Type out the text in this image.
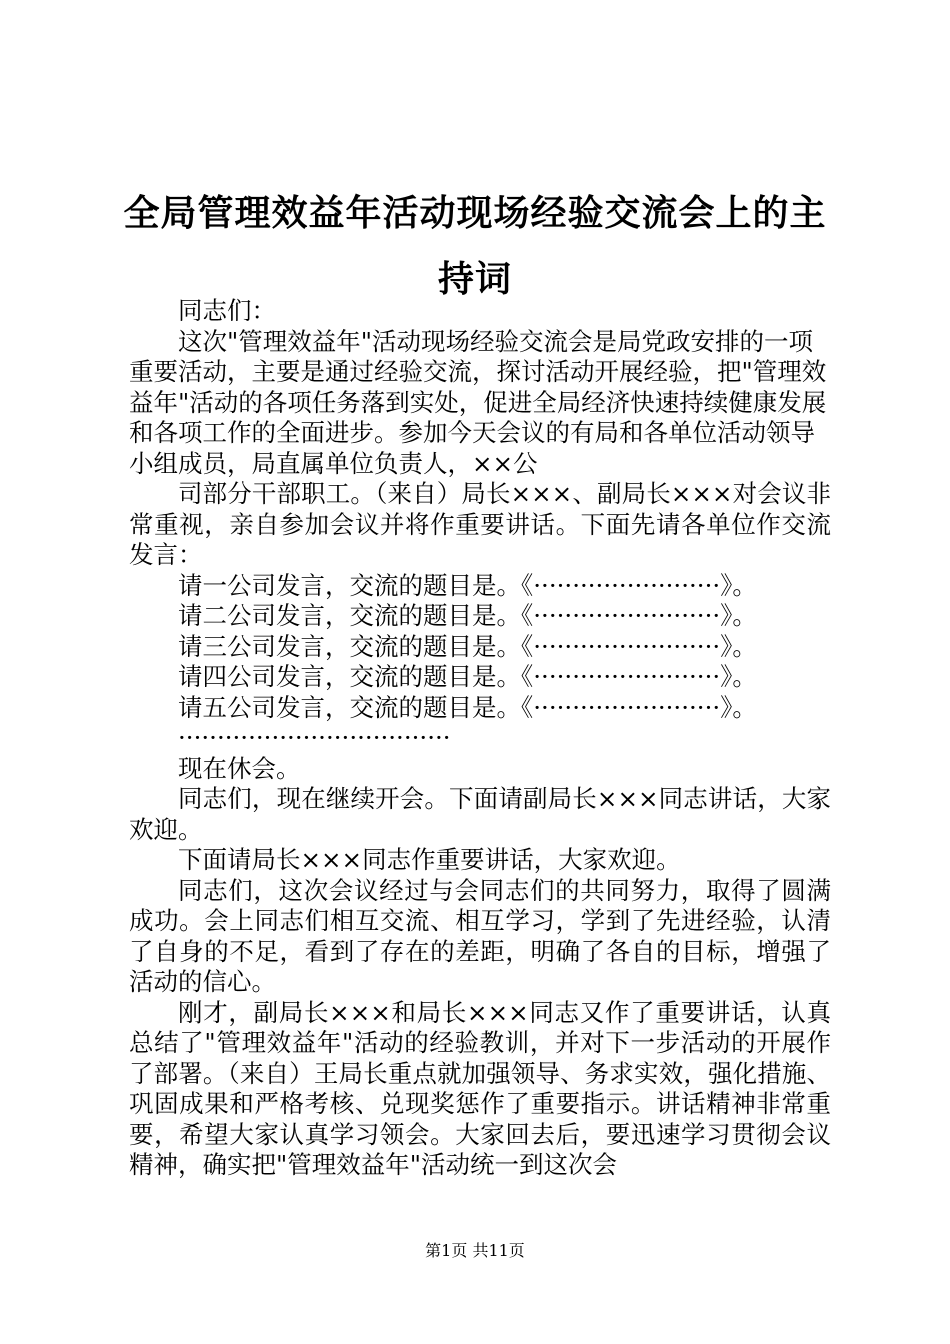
全局管理效益年活动现场经验交流会上的主持词

同志们：

这次"管理效益年"活动现场经验交流会是局党政安排的一项重要活动，主要是通过经验交流，探讨活动开展经验，把"管理效益年"活动的各项任务落到实处，促进全局经济快速持续健康发展和各项工作的全面进步。参加今天会议的有局和各单位活动领导小组成员，局直属单位负责人，××公

司部分干部职工。（来自）局长×××、副局长×××对会议非常重视，亲自参加会议并将作重要讲话。下面先请各单位作交流发言：

请一公司发言，交流的题目是。《························》。

请二公司发言，交流的题目是。《························》。

请三公司发言，交流的题目是。《························》。

请四公司发言，交流的题目是。《························》。

请五公司发言，交流的题目是。《························》。

···································

现在休会。

同志们，现在继续开会。下面请副局长×××同志讲话，大家欢迎。

下面请局长×××同志作重要讲话，大家欢迎。

同志们，这次会议经过与会同志们的共同努力，取得了圆满成功。会上同志们相互交流、相互学习，学到了先进经验，认清了自身的不足，看到了存在的差距，明确了各自的目标，增强了活动的信心。

刚才，副局长×××和局长×××同志又作了重要讲话，认真总结了"管理效益年"活动的经验教训，并对下一步活动的开展作了部署。（来自）王局长重点就加强领导、务求实效，强化措施、巩固成果和严格考核、兑现奖惩作了重要指示。讲话精神非常重要，希望大家认真学习领会。大家回去后，要迅速学习贯彻会议精神，确实把"管理效益年"活动统一到这次会

第1页 共11页
